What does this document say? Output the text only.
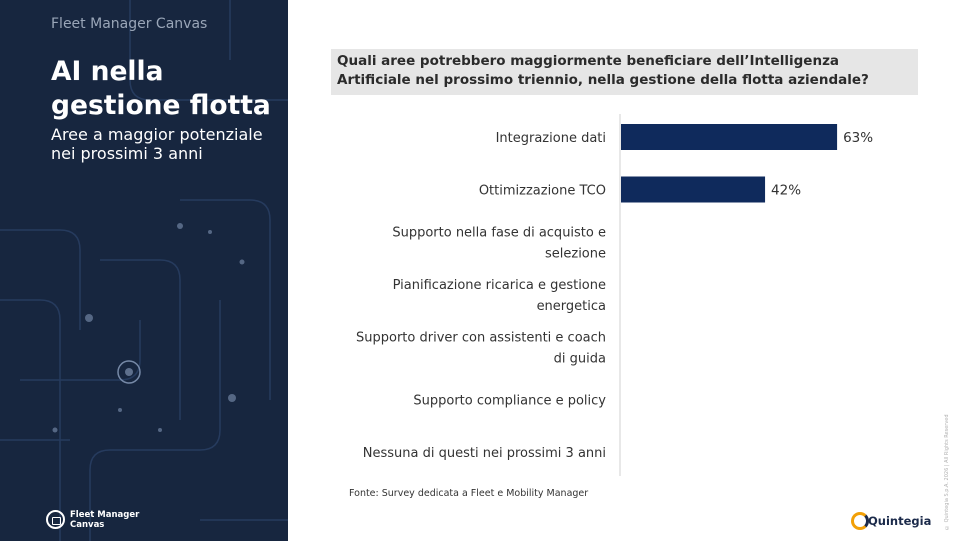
Fleet Manager Canvas
AI nella gestione flotta
Aree a maggior potenziale nei prossimi 3 anni
Fleet Manager Canvas
Quali aree potrebbero maggiormente beneficiare dell’Intelligenza Artificiale nel prossimo triennio, nella gestione della flotta aziendale?
Integrazione dati
Ottimizzazione TCO
Supporto nella fase di acquisto e selezione
Pianificazione ricarica e gestione energetica
Supporto driver con assistenti e coach di guida
Supporto compliance e policy
Nessuna di questi nei prossimi 3 anni
63%
42%
Fonte: Survey dedicata a Fleet e Mobility Manager	© Quintegia S.p.A. 2026 | All Rights Reserved
Quintegia
